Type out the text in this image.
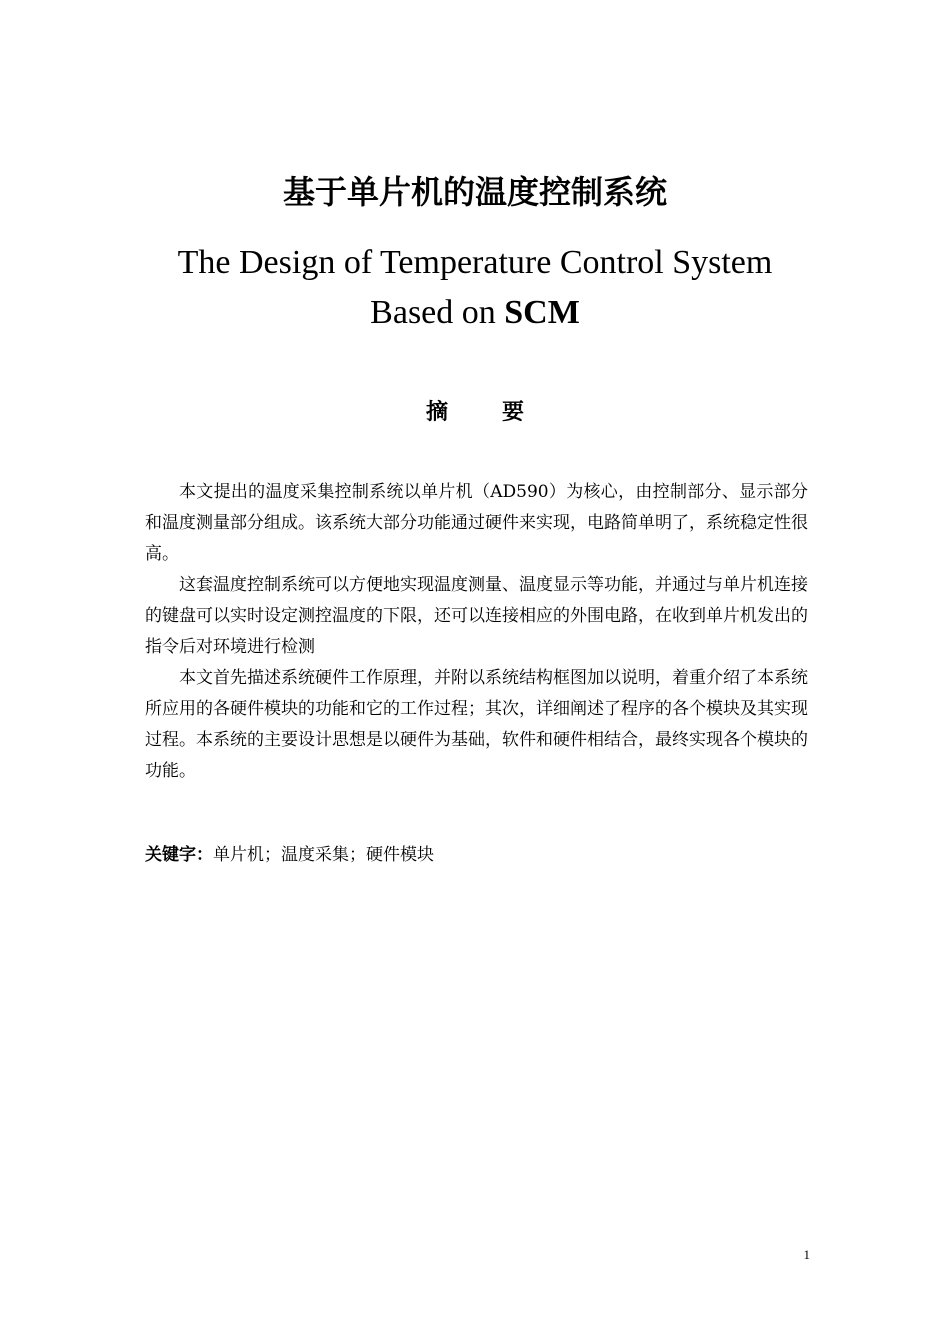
基于单片机的温度控制系统
The Design of Temperature Control System
Based on SCM
摘 要

本文提出的温度采集控制系统以单片机（AD590）为核心，由控制部分、显示部分和温度测量部分组成。该系统大部分功能通过硬件来实现，电路简单明了，系统稳定性很高。

这套温度控制系统可以方便地实现温度测量、温度显示等功能，并通过与单片机连接的键盘可以实时设定测控温度的下限，还可以连接相应的外围电路，在收到单片机发出的指令后对环境进行检测

本文首先描述系统硬件工作原理，并附以系统结构框图加以说明，着重介绍了本系统所应用的各硬件模块的功能和它的工作过程；其次，详细阐述了程序的各个模块及其实现过程。本系统的主要设计思想是以硬件为基础，软件和硬件相结合，最终实现各个模块的功能。

关键字：单片机；温度采集；硬件模块
1
